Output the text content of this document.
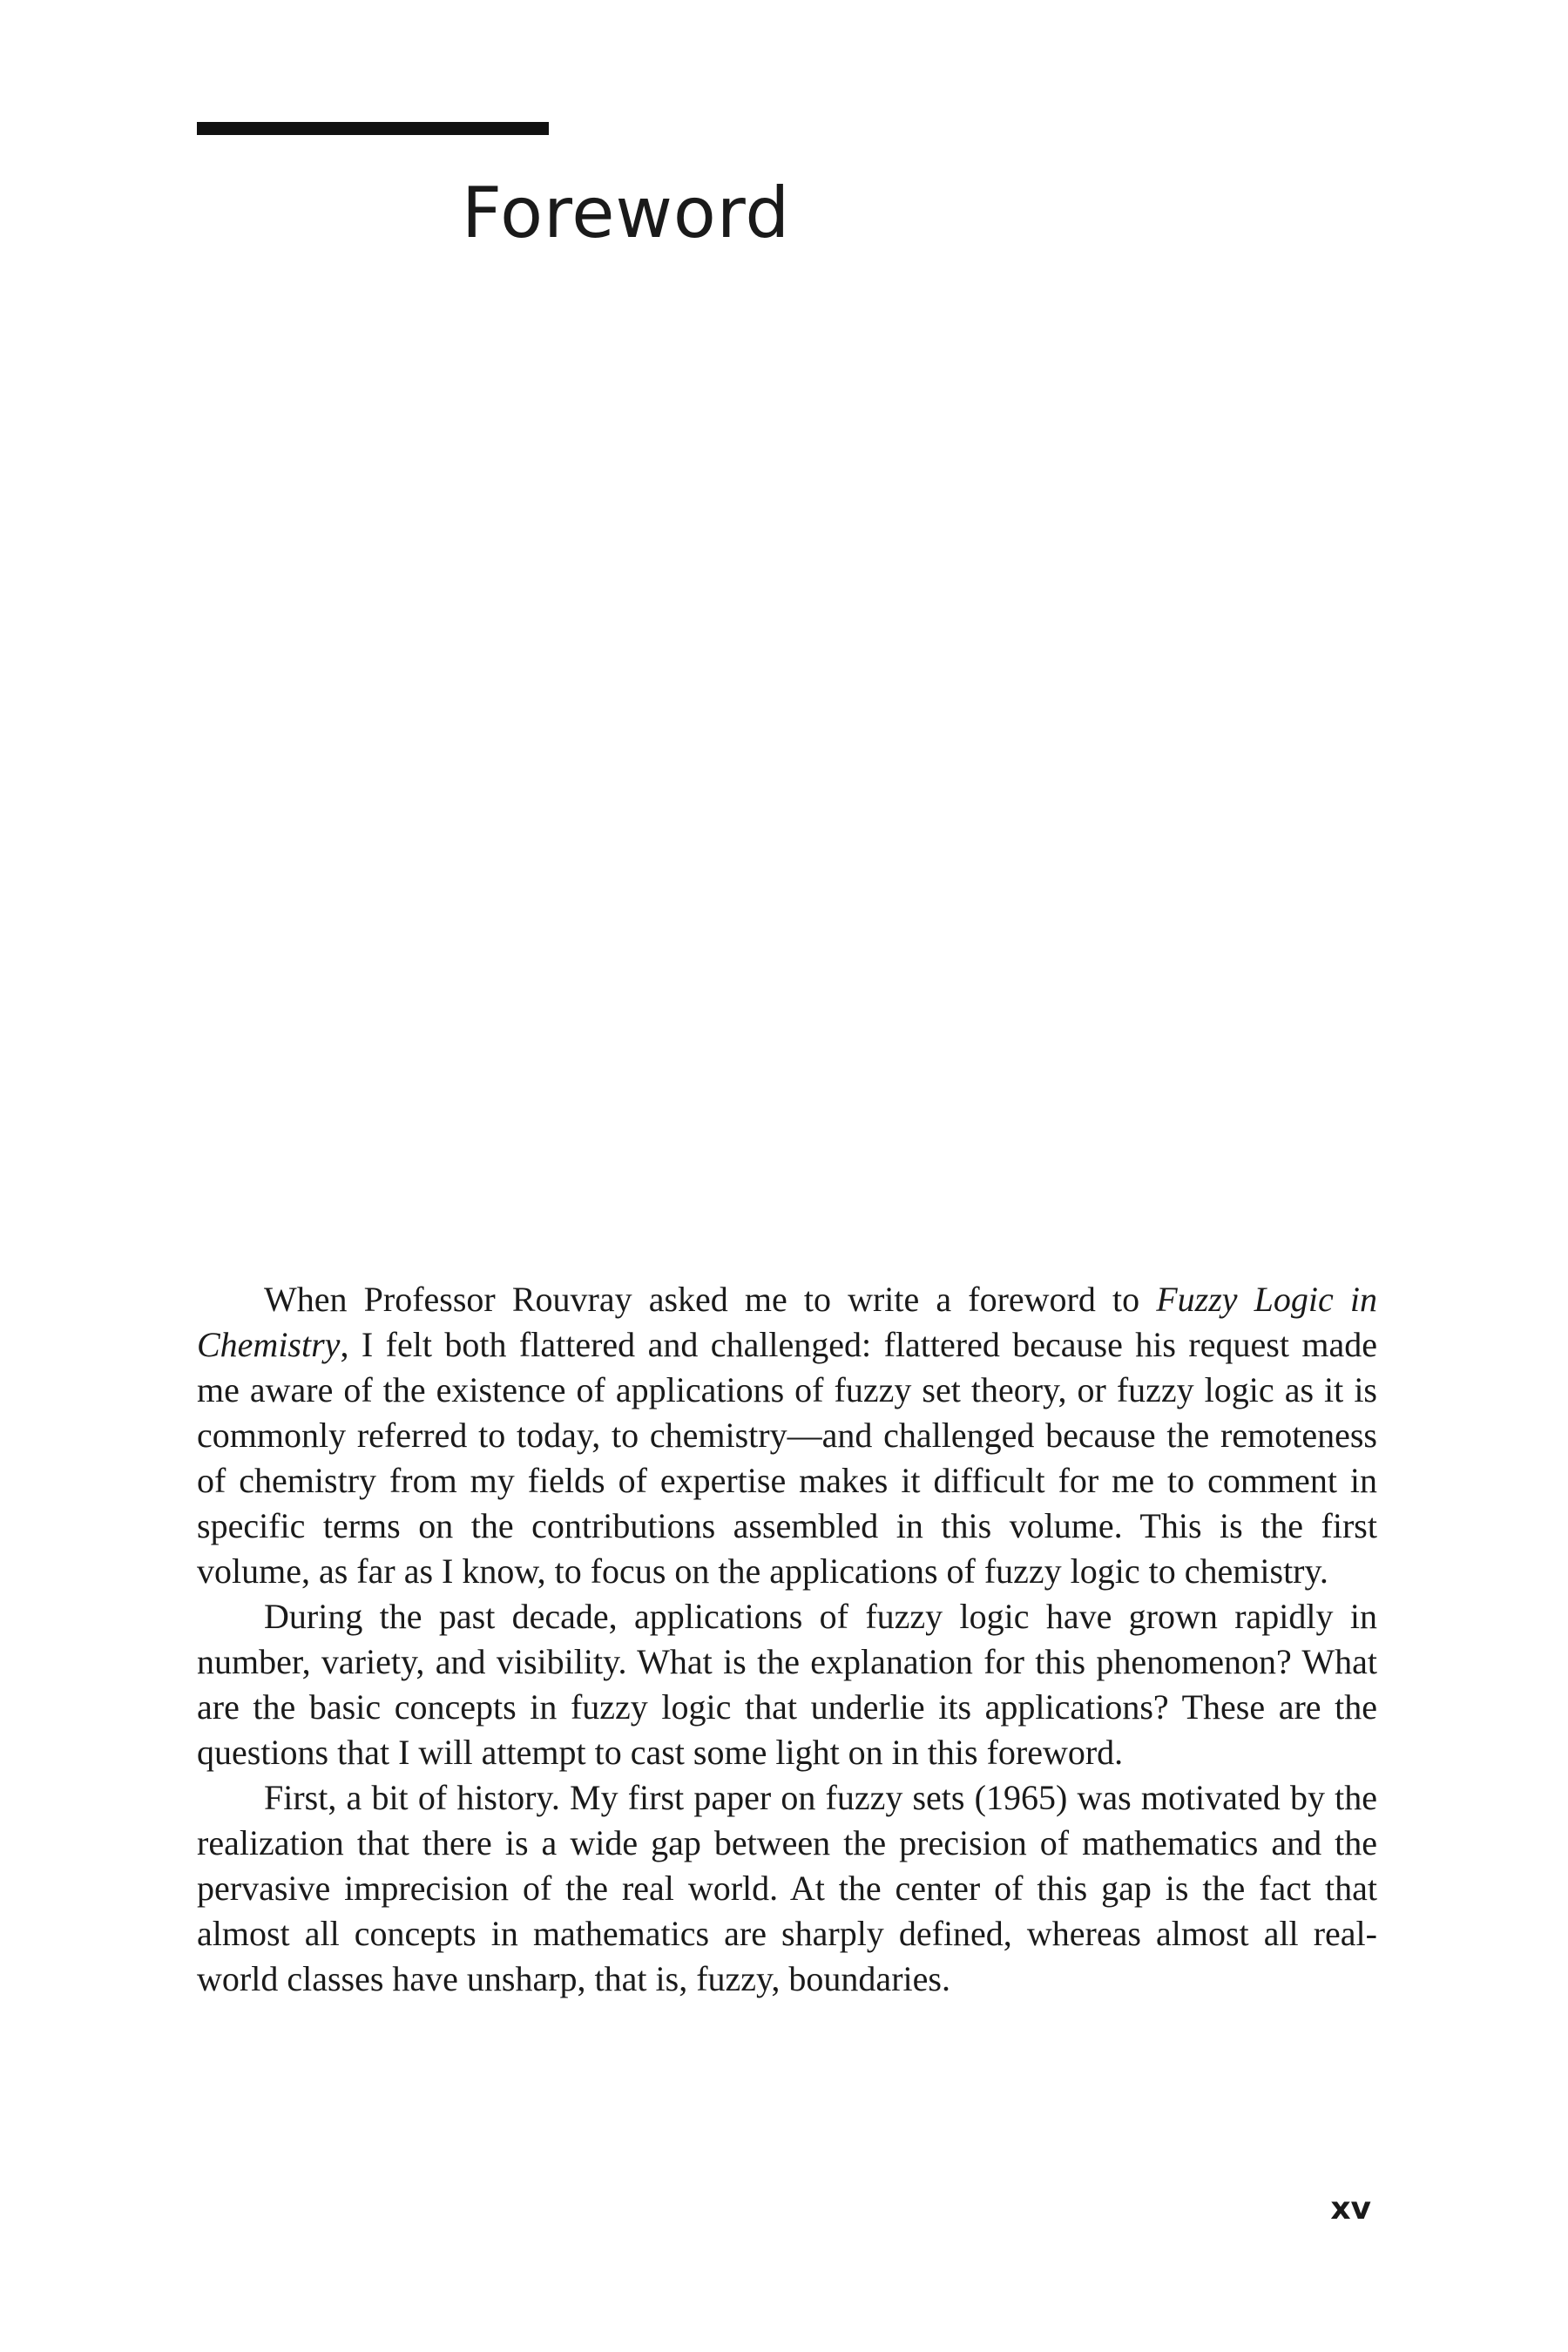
Foreword

When Professor Rouvray asked me to write a foreword to Fuzzy Logic in Chemistry, I felt both flattered and challenged: flattered because his request made me aware of the existence of applications of fuzzy set theory, or fuzzy logic as it is commonly referred to today, to chemistry—and challenged because the remoteness of chemistry from my fields of expertise makes it difficult for me to comment in specific terms on the contributions assembled in this volume. This is the first volume, as far as I know, to focus on the applications of fuzzy logic to chemistry.

During the past decade, applications of fuzzy logic have grown rapidly in number, variety, and visibility. What is the explanation for this phenomenon? What are the basic concepts in fuzzy logic that underlie its applications? These are the questions that I will attempt to cast some light on in this foreword.

First, a bit of history. My first paper on fuzzy sets (1965) was motivated by the realization that there is a wide gap between the precision of mathematics and the pervasive imprecision of the real world. At the center of this gap is the fact that almost all concepts in mathematics are sharply defined, whereas almost all real-world classes have unsharp, that is, fuzzy, boundaries.

xv
